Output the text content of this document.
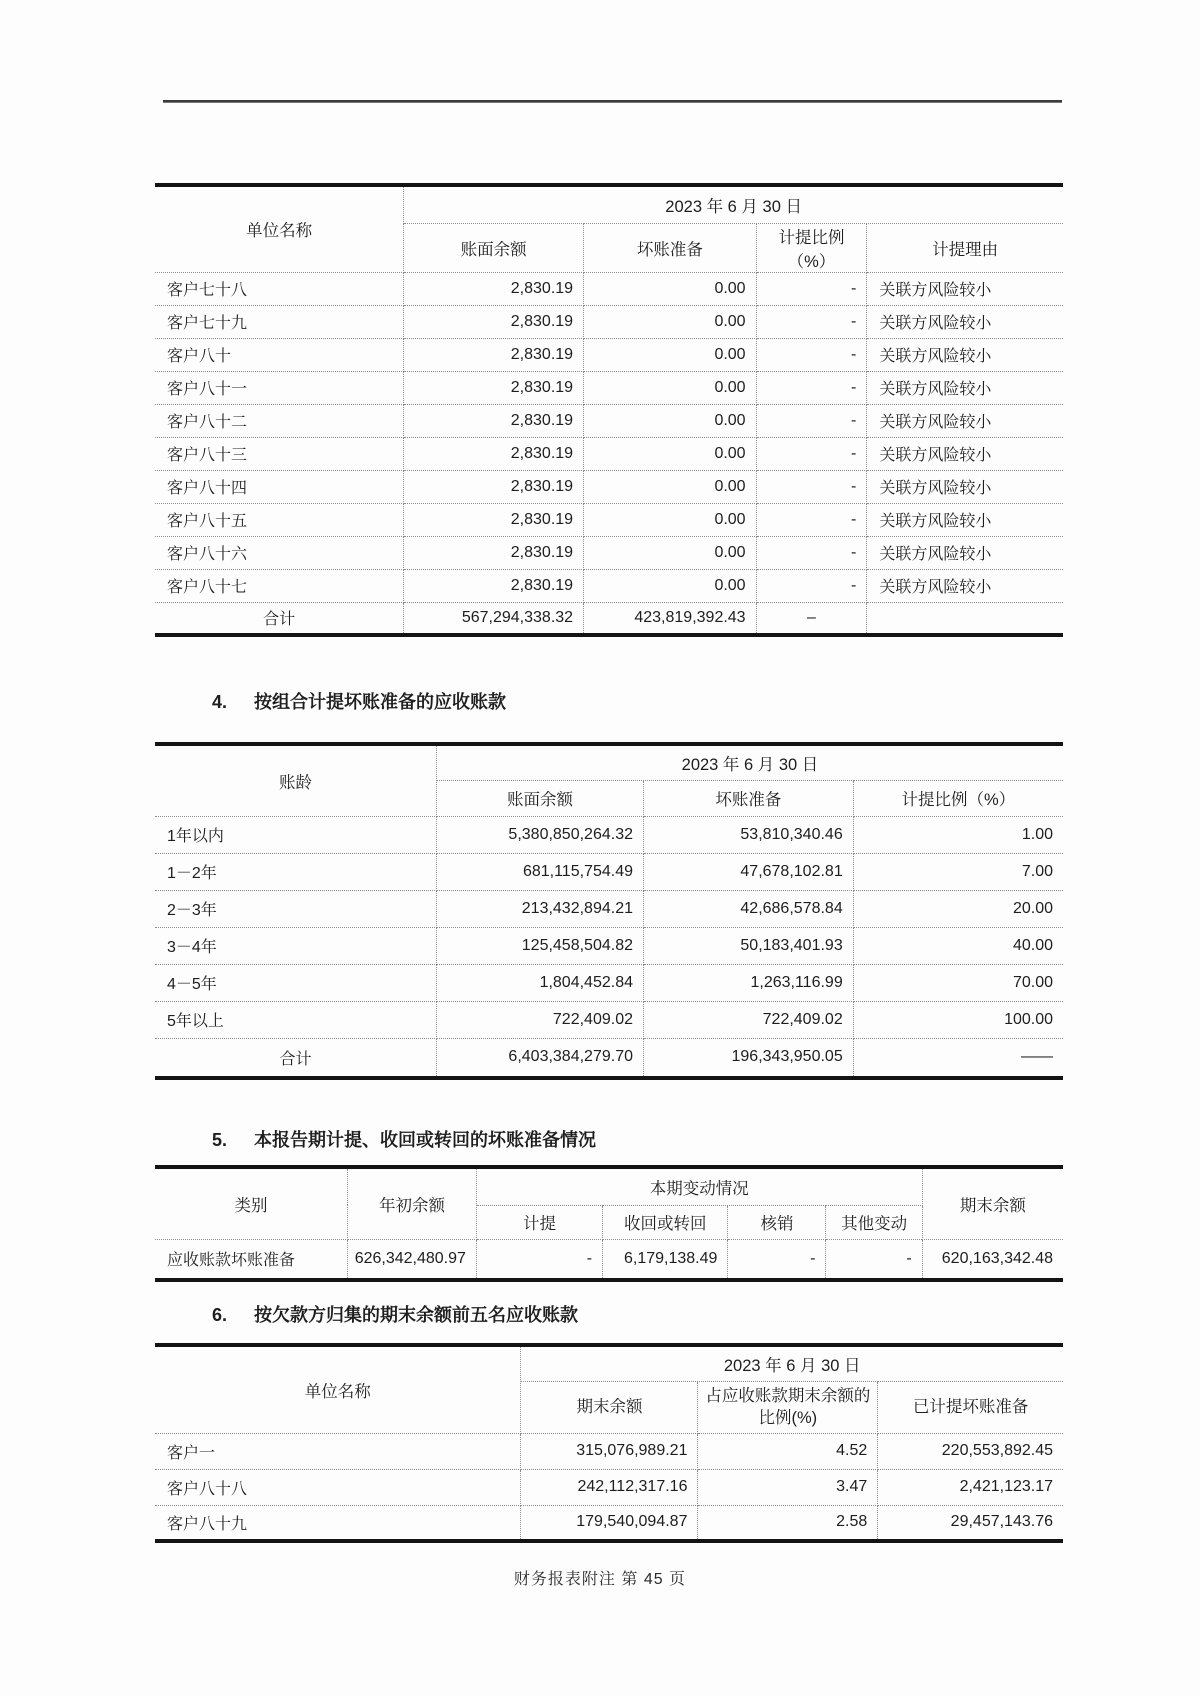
单位名称	2023 年 6 月 30 日			
	账面余额	坏账准备	计提比例 （%）	计提理由
客户七十八	2,830.19	0.00	-	关联方风险较小
客户七十九	2,830.19	0.00	-	关联方风险较小
客户八十	2,830.19	0.00	-	关联方风险较小
客户八十一	2,830.19	0.00	-	关联方风险较小
客户八十二	2,830.19	0.00	-	关联方风险较小
客户八十三	2,830.19	0.00	-	关联方风险较小
客户八十四	2,830.19	0.00	-	关联方风险较小
客户八十五	2,830.19	0.00	-	关联方风险较小
客户八十六	2,830.19	0.00	-	关联方风险较小
客户八十七	2,830.19	0.00	-	关联方风险较小
合计	567,294,338.32	423,819,392.43	–	
4.	按组合计提坏账准备的应收账款
账龄	2023 年 6 月 30 日		
	账面余额	坏账准备	计提比例（%）
1年以内	5,380,850,264.32	53,810,340.46	1.00
1－2年	681,115,754.49	47,678,102.81	7.00
2－3年	213,432,894.21	42,686,578.84	20.00
3－4年	125,458,504.82	50,183,401.93	40.00
4－5年	1,804,452.84	1,263,116.99	70.00
5年以上	722,409.02	722,409.02	100.00
合计	6,403,384,279.70	196,343,950.05	——
5.	本报告期计提、收回或转回的坏账准备情况
类别	年初余额	本期变动情况				期末余额
		计提	收回或转回	核销	其他变动	
应收账款坏账准备	626,342,480.97	-	6,179,138.49	-	-	620,163,342.48
6.	按欠款方归集的期末余额前五名应收账款
单位名称	2023 年 6 月 30 日		
	期末余额	占应收账款期末余额的比例(%)	已计提坏账准备
客户一	315,076,989.21	4.52	220,553,892.45
客户八十八	242,112,317.16	3.47	2,421,123.17
客户八十九	179,540,094.87	2.58	29,457,143.76
财务报表附注 第 45 页
